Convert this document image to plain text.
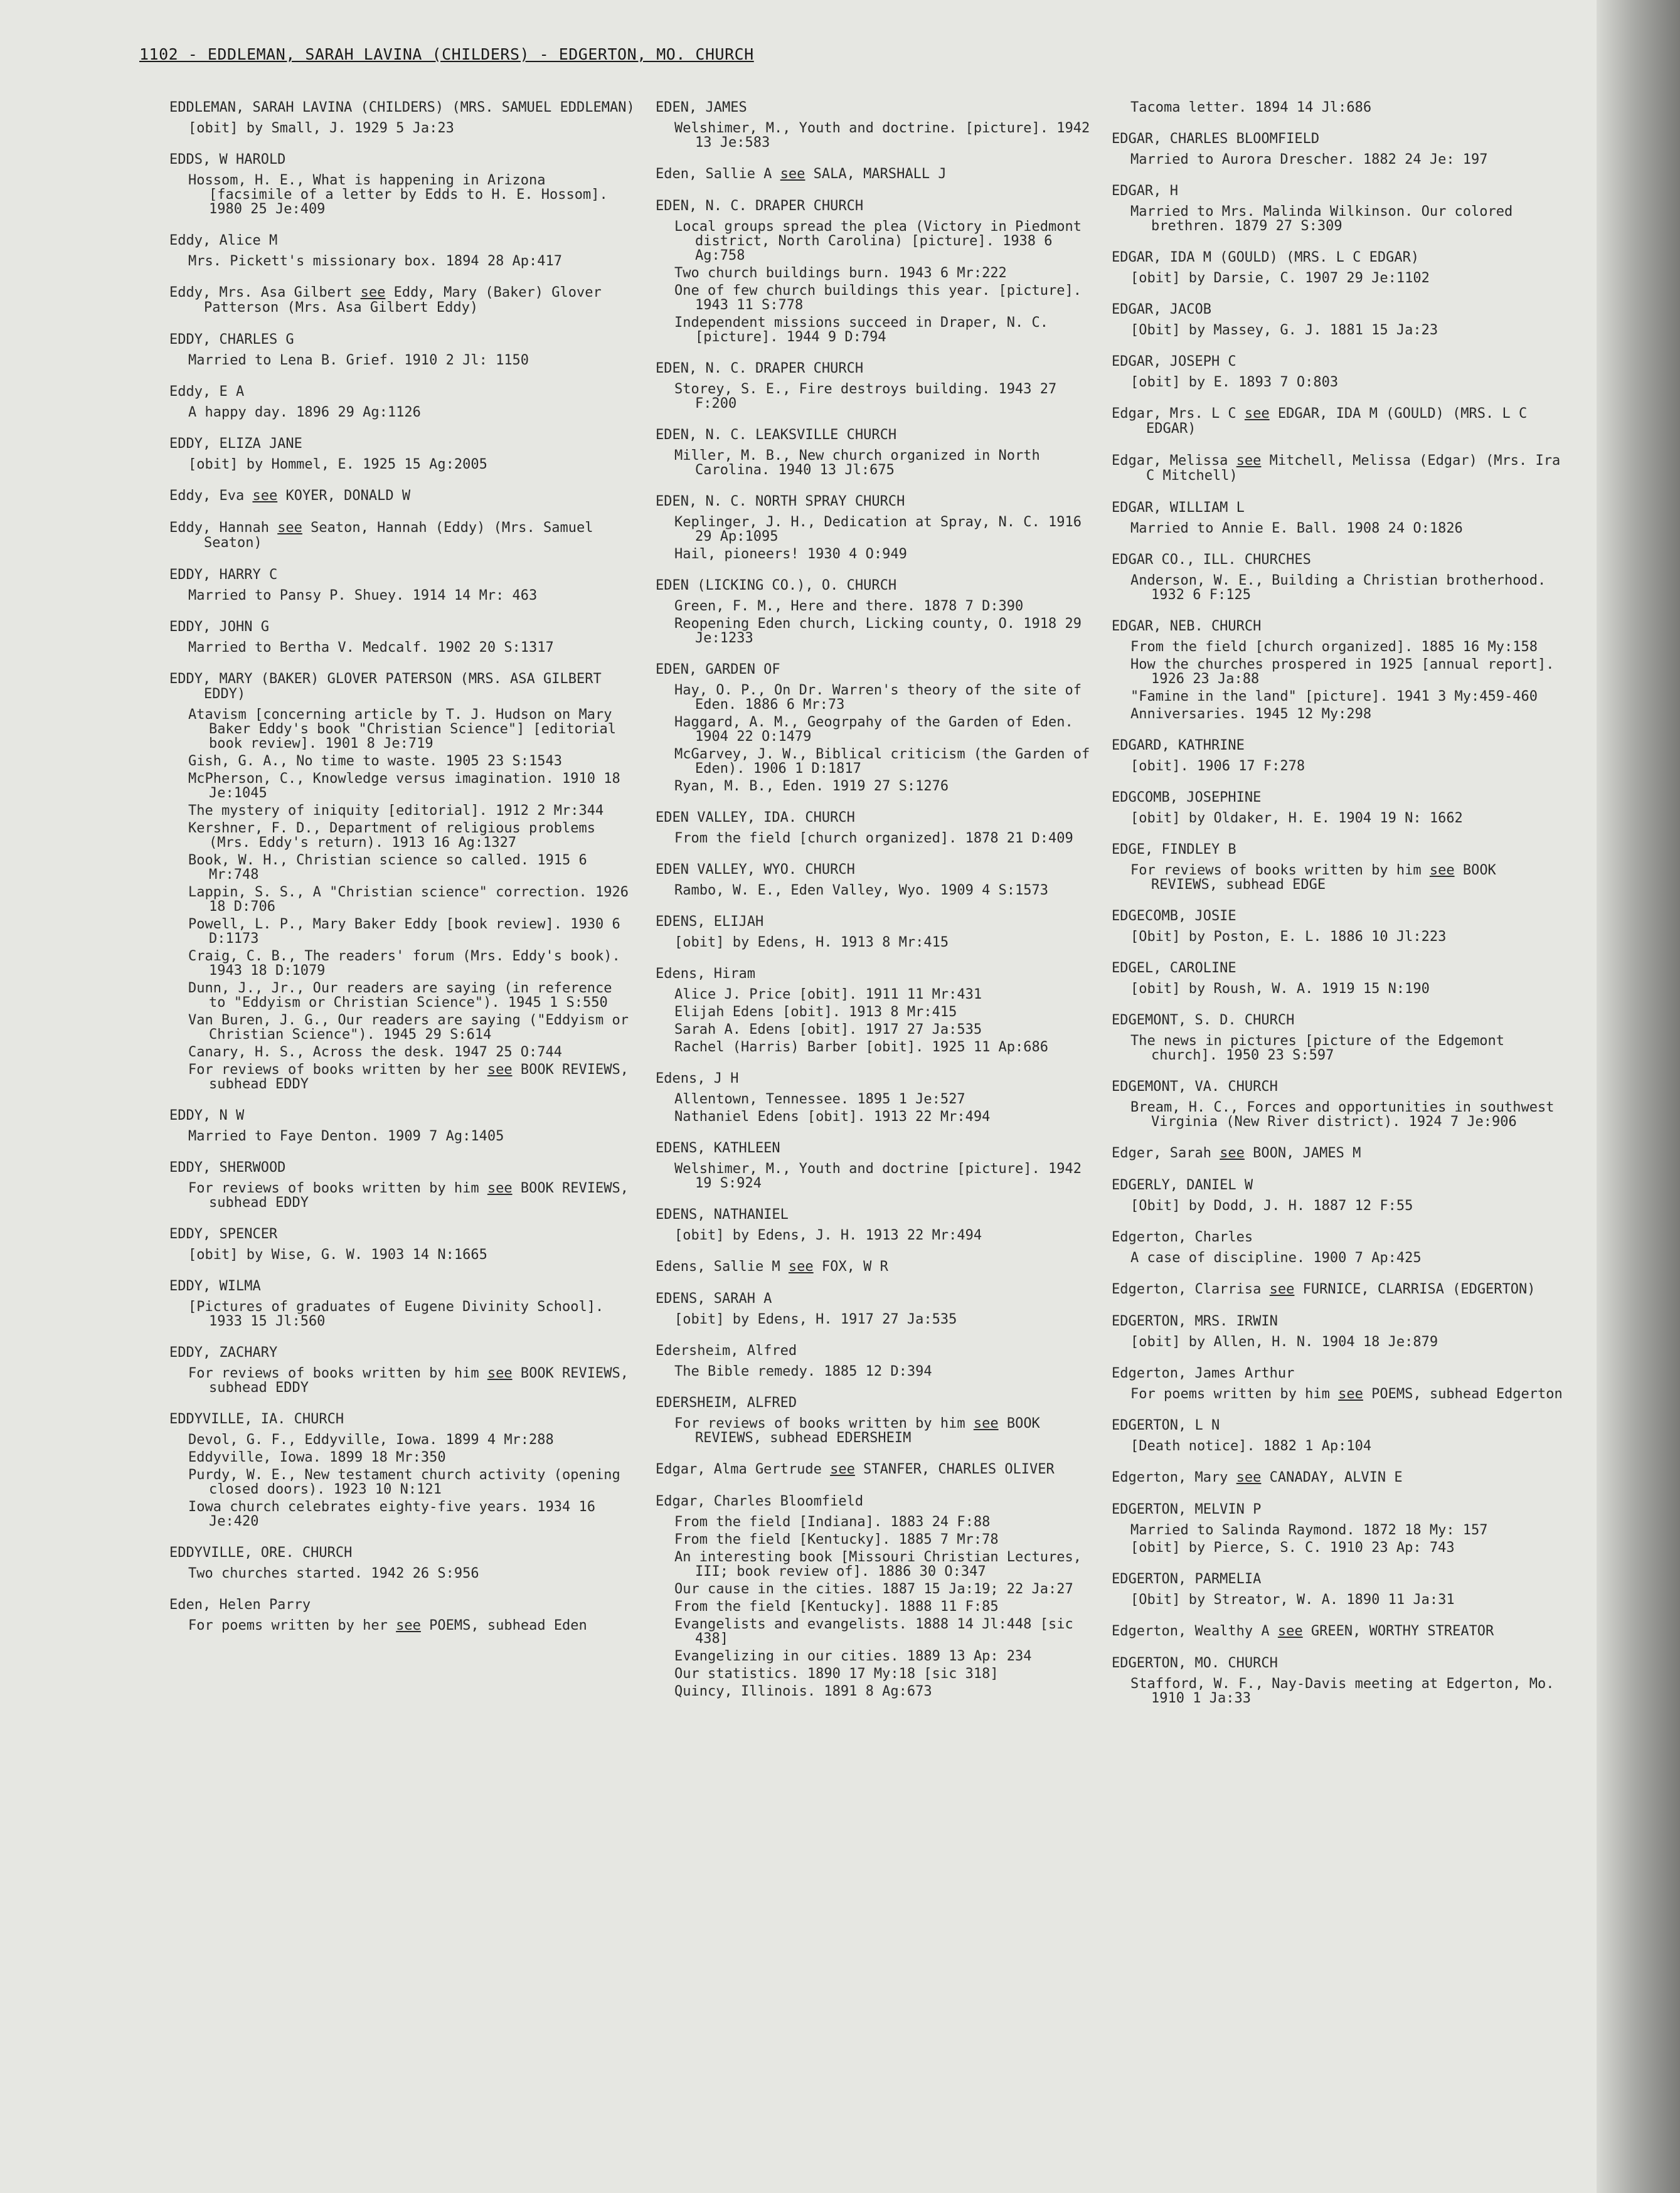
1102 - EDDLEMAN, SARAH LAVINA (CHILDERS) - EDGERTON, MO. CHURCH
EDDLEMAN, SARAH LAVINA (CHILDERS) (MRS. SAMUEL EDDLEMAN)
[obit] by Small, J. 1929 5 Ja:23
EDDS, W HAROLD
Hossom, H. E., What is happening in Arizona [facsimile of a letter by Edds to H. E. Hossom]. 1980 25 Je:409
Eddy, Alice M
Mrs. Pickett's missionary box. 1894 28 Ap:417
Eddy, Mrs. Asa Gilbert see Eddy, Mary (Baker) Glover Patterson (Mrs. Asa Gilbert Eddy)
EDDY, CHARLES G
Married to Lena B. Grief. 1910 2 Jl: 1150
Eddy, E A
A happy day. 1896 29 Ag:1126
EDDY, ELIZA JANE
[obit] by Hommel, E. 1925 15 Ag:2005
Eddy, Eva see KOYER, DONALD W
Eddy, Hannah see Seaton, Hannah (Eddy) (Mrs. Samuel Seaton)
EDDY, HARRY C
Married to Pansy P. Shuey. 1914 14 Mr: 463
EDDY, JOHN G
Married to Bertha V. Medcalf. 1902 20 S:1317
EDDY, MARY (BAKER) GLOVER PATERSON (MRS. ASA GILBERT EDDY)
Atavism [concerning article by T. J. Hudson on Mary Baker Eddy's book "Christian Science"] [editorial book review]. 1901 8 Je:719
Gish, G. A., No time to waste. 1905 23 S:1543
McPherson, C., Knowledge versus imagination. 1910 18 Je:1045
The mystery of iniquity [editorial]. 1912 2 Mr:344
Kershner, F. D., Department of religious problems (Mrs. Eddy's return). 1913 16 Ag:1327
Book, W. H., Christian science so called. 1915 6 Mr:748
Lappin, S. S., A "Christian science" correction. 1926 18 D:706
Powell, L. P., Mary Baker Eddy [book review]. 1930 6 D:1173
Craig, C. B., The readers' forum (Mrs. Eddy's book). 1943 18 D:1079
Dunn, J., Jr., Our readers are saying (in reference to "Eddyism or Christian Science"). 1945 1 S:550
Van Buren, J. G., Our readers are saying ("Eddyism or Christian Science"). 1945 29 S:614
Canary, H. S., Across the desk. 1947 25 O:744
For reviews of books written by her see BOOK REVIEWS, subhead EDDY
EDDY, N W
Married to Faye Denton. 1909 7 Ag:1405
EDDY, SHERWOOD
For reviews of books written by him see BOOK REVIEWS, subhead EDDY
EDDY, SPENCER
[obit] by Wise, G. W. 1903 14 N:1665
EDDY, WILMA
[Pictures of graduates of Eugene Divinity School]. 1933 15 Jl:560
EDDY, ZACHARY
For reviews of books written by him see BOOK REVIEWS, subhead EDDY
EDDYVILLE, IA. CHURCH
Devol, G. F., Eddyville, Iowa. 1899 4 Mr:288
Eddyville, Iowa. 1899 18 Mr:350
Purdy, W. E., New testament church activity (opening closed doors). 1923 10 N:121
Iowa church celebrates eighty-five years. 1934 16 Je:420
EDDYVILLE, ORE. CHURCH
Two churches started. 1942 26 S:956
Eden, Helen Parry
For poems written by her see POEMS, subhead Eden
EDEN, JAMES
Welshimer, M., Youth and doctrine. [picture]. 1942 13 Je:583
Eden, Sallie A see SALA, MARSHALL J
EDEN, N. C. DRAPER CHURCH
Local groups spread the plea (Victory in Piedmont district, North Carolina) [picture]. 1938 6 Ag:758
Two church buildings burn. 1943 6 Mr:222
One of few church buildings this year. [picture]. 1943 11 S:778
Independent missions succeed in Draper, N. C. [picture]. 1944 9 D:794
EDEN, N. C. DRAPER CHURCH
Storey, S. E., Fire destroys building. 1943 27 F:200
EDEN, N. C. LEAKSVILLE CHURCH
Miller, M. B., New church organized in North Carolina. 1940 13 Jl:675
EDEN, N. C. NORTH SPRAY CHURCH
Keplinger, J. H., Dedication at Spray, N. C. 1916 29 Ap:1095
Hail, pioneers! 1930 4 O:949
EDEN (LICKING CO.), O. CHURCH
Green, F. M., Here and there. 1878 7 D:390
Reopening Eden church, Licking county, O. 1918 29 Je:1233
EDEN, GARDEN OF
Hay, O. P., On Dr. Warren's theory of the site of Eden. 1886 6 Mr:73
Haggard, A. M., Geogrpahy of the Garden of Eden. 1904 22 O:1479
McGarvey, J. W., Biblical criticism (the Garden of Eden). 1906 1 D:1817
Ryan, M. B., Eden. 1919 27 S:1276
EDEN VALLEY, IDA. CHURCH
From the field [church organized]. 1878 21 D:409
EDEN VALLEY, WYO. CHURCH
Rambo, W. E., Eden Valley, Wyo. 1909 4 S:1573
EDENS, ELIJAH
[obit] by Edens, H. 1913 8 Mr:415
Edens, Hiram
Alice J. Price [obit]. 1911 11 Mr:431
Elijah Edens [obit]. 1913 8 Mr:415
Sarah A. Edens [obit]. 1917 27 Ja:535
Rachel (Harris) Barber [obit]. 1925 11 Ap:686
Edens, J H
Allentown, Tennessee. 1895 1 Je:527
Nathaniel Edens [obit]. 1913 22 Mr:494
EDENS, KATHLEEN
Welshimer, M., Youth and doctrine [picture]. 1942 19 S:924
EDENS, NATHANIEL
[obit] by Edens, J. H. 1913 22 Mr:494
Edens, Sallie M see FOX, W R
EDENS, SARAH A
[obit] by Edens, H. 1917 27 Ja:535
Edersheim, Alfred
The Bible remedy. 1885 12 D:394
EDERSHEIM, ALFRED
For reviews of books written by him see BOOK REVIEWS, subhead EDERSHEIM
Edgar, Alma Gertrude see STANFER, CHARLES OLIVER
Edgar, Charles Bloomfield
From the field [Indiana]. 1883 24 F:88
From the field [Kentucky]. 1885 7 Mr:78
An interesting book [Missouri Christian Lectures, III; book review of]. 1886 30 O:347
Our cause in the cities. 1887 15 Ja:19; 22 Ja:27
From the field [Kentucky]. 1888 11 F:85
Evangelists and evangelists. 1888 14 Jl:448 [sic 438]
Evangelizing in our cities. 1889 13 Ap: 234
Our statistics. 1890 17 My:18 [sic 318]
Quincy, Illinois. 1891 8 Ag:673
Tacoma letter. 1894 14 Jl:686
EDGAR, CHARLES BLOOMFIELD
Married to Aurora Drescher. 1882 24 Je: 197
EDGAR, H
Married to Mrs. Malinda Wilkinson. Our colored brethren. 1879 27 S:309
EDGAR, IDA M (GOULD) (MRS. L C EDGAR)
[obit] by Darsie, C. 1907 29 Je:1102
EDGAR, JACOB
[Obit] by Massey, G. J. 1881 15 Ja:23
EDGAR, JOSEPH C
[obit] by E. 1893 7 O:803
Edgar, Mrs. L C see EDGAR, IDA M (GOULD) (MRS. L C EDGAR)
Edgar, Melissa see Mitchell, Melissa (Edgar) (Mrs. Ira C Mitchell)
EDGAR, WILLIAM L
Married to Annie E. Ball. 1908 24 O:1826
EDGAR CO., ILL. CHURCHES
Anderson, W. E., Building a Christian brotherhood. 1932 6 F:125
EDGAR, NEB. CHURCH
From the field [church organized]. 1885 16 My:158
How the churches prospered in 1925 [annual report]. 1926 23 Ja:88
"Famine in the land" [picture]. 1941 3 My:459-460
Anniversaries. 1945 12 My:298
EDGARD, KATHRINE
[obit]. 1906 17 F:278
EDGCOMB, JOSEPHINE
[obit] by Oldaker, H. E. 1904 19 N: 1662
EDGE, FINDLEY B
For reviews of books written by him see BOOK REVIEWS, subhead EDGE
EDGECOMB, JOSIE
[Obit] by Poston, E. L. 1886 10 Jl:223
EDGEL, CAROLINE
[obit] by Roush, W. A. 1919 15 N:190
EDGEMONT, S. D. CHURCH
The news in pictures [picture of the Edgemont church]. 1950 23 S:597
EDGEMONT, VA. CHURCH
Bream, H. C., Forces and opportunities in southwest Virginia (New River district). 1924 7 Je:906
Edger, Sarah see BOON, JAMES M
EDGERLY, DANIEL W
[Obit] by Dodd, J. H. 1887 12 F:55
Edgerton, Charles
A case of discipline. 1900 7 Ap:425
Edgerton, Clarrisa see FURNICE, CLARRISA (EDGERTON)
EDGERTON, MRS. IRWIN
[obit] by Allen, H. N. 1904 18 Je:879
Edgerton, James Arthur
For poems written by him see POEMS, subhead Edgerton
EDGERTON, L N
[Death notice]. 1882 1 Ap:104
Edgerton, Mary see CANADAY, ALVIN E
EDGERTON, MELVIN P
Married to Salinda Raymond. 1872 18 My: 157
[obit] by Pierce, S. C. 1910 23 Ap: 743
EDGERTON, PARMELIA
[Obit] by Streator, W. A. 1890 11 Ja:31
Edgerton, Wealthy A see GREEN, WORTHY STREATOR
EDGERTON, MO. CHURCH
Stafford, W. F., Nay-Davis meeting at Edgerton, Mo. 1910 1 Ja:33
